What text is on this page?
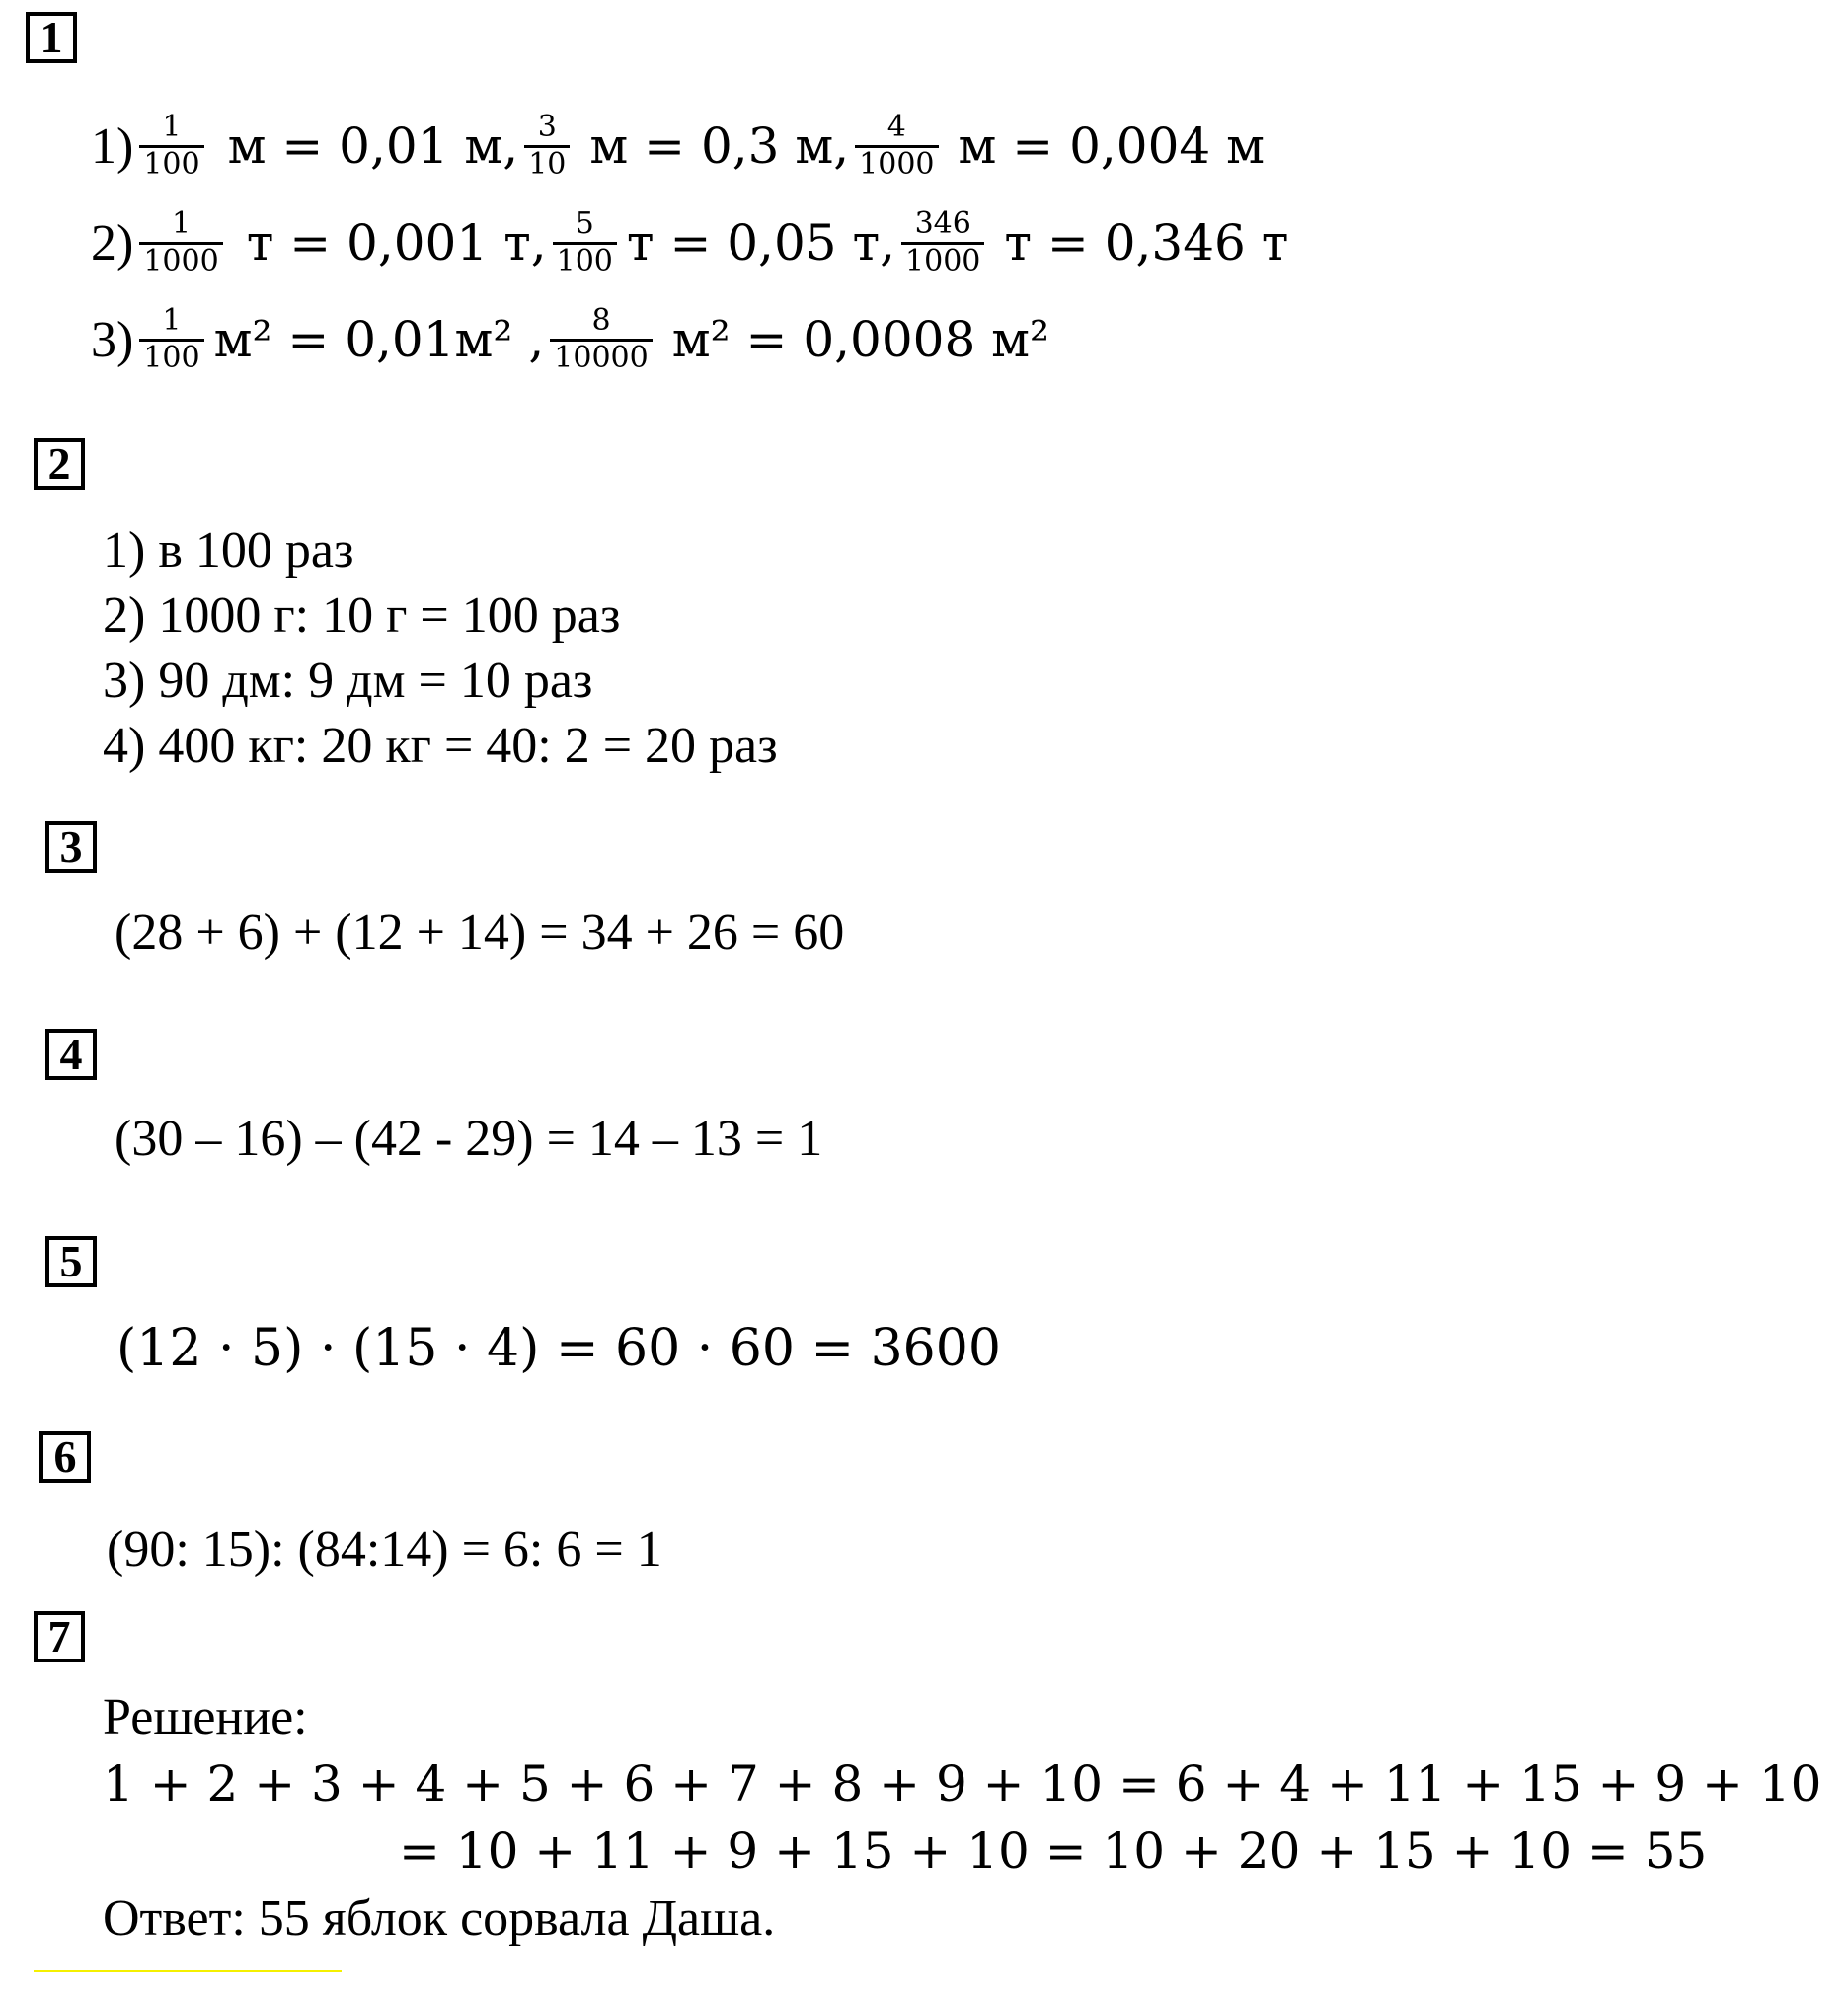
1
2
3
4
5
6
7
$1) \frac{1}{100}$ м = 0,01 м, $\frac{3}{10}$ м = 0,3 м, $\frac{4}{1000}$ м = 0,004 м
$2) \frac{1}{1000}$ т = 0,001 т, $\frac{5}{100}$ т = 0,05 т, $\frac{346}{1000}$ т = 0,346 т
$3) \frac{1}{100} м^2 = 0,01м^2$ , $\frac{8}{10000} м^2 = 0,0008$ м²
1) в 100 раз
2) 1000 г: 10 г = 100 раз
3) 90 дм: 9 дм = 10 раз
4) 400 кг: 20 кг = 40: 2 = 20 раз
(28 + 6) + (12 + 14) = 34 + 26 = 60
(30 – 16) – (42 - 29) = 14 – 13 = 1
(12 · 5) · (15 · 4) = 60 · 60 = 3600
(90: 15): (84:14) = 6: 6 = 1
Решение:
1 + 2 + 3 + 4 + 5 + 6 + 7 + 8 + 9 + 10 = 6 + 4 + 11 + 15 + 9 + 10
= 10 + 11 + 9 + 15 + 10 = 10 + 20 + 15 + 10 = 55
Ответ: 55 яблок сорвала Даша.
